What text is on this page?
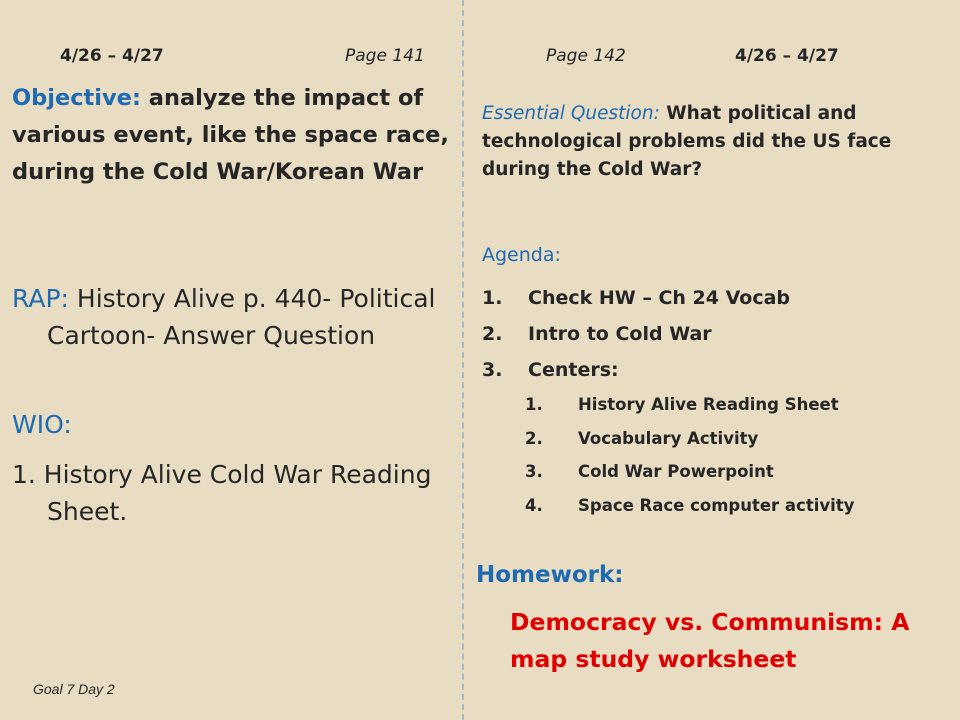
4/26 – 4/27	Page 141
Objective: analyze the impact of various event, like the space race, during the Cold War/Korean War
RAP: History Alive p. 440- Political Cartoon- Answer Question
WIO:
1. History Alive Cold War Reading Sheet.
Goal 7 Day 2
Page 142	4/26 – 4/27
Essential Question: What political and technological problems did the US face during the Cold War?
Agenda:
1. Check HW – Ch 24 Vocab
2. Intro to Cold War
3. Centers:
1. History Alive Reading Sheet
2. Vocabulary Activity
3. Cold War Powerpoint
4. Space Race computer activity
Homework:
Democracy vs. Communism: A map study worksheet
